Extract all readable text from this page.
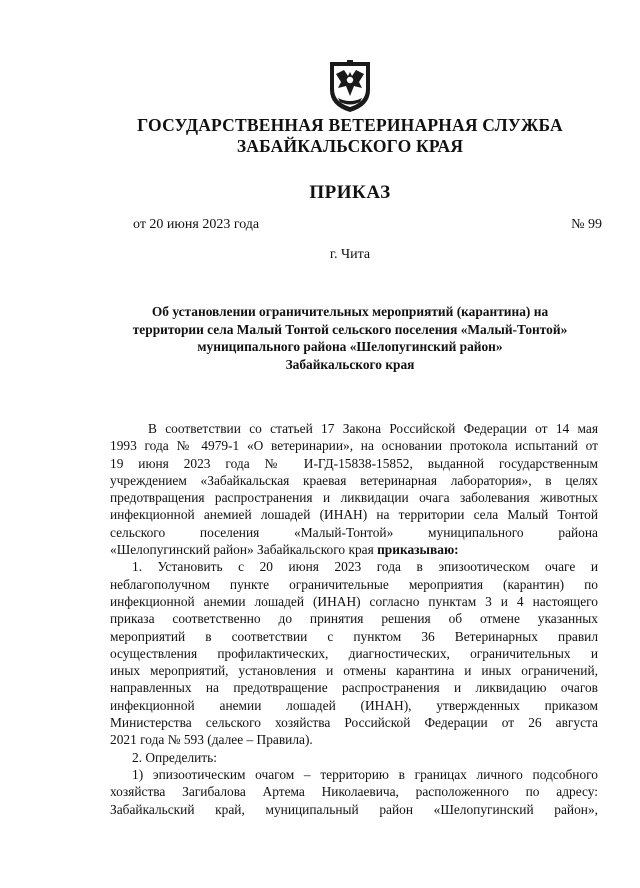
ГОСУДАРСТВЕННАЯ ВЕТЕРИНАРНАЯ СЛУЖБА
ЗАБАЙКАЛЬСКОГО КРАЯ
ПРИКАЗ
от 20 июня 2023 года	№ 99
г. Чита
Об установлении ограничительных мероприятий (карантина) на
территории села Малый Тонтой сельского поселения «Малый-Тонтой»
муниципального района «Шелопугинский район»
Забайкальского края
В соответствии со статьей 17 Закона Российской Федерации от 14 мая
1993 года № 4979-1 «О ветеринарии», на основании протокола испытаний от
19 июня 2023 года № И-ГД-15838-15852, выданной государственным
учреждением «Забайкальская краевая ветеринарная лаборатория», в целях
предотвращения распространения и ликвидации очага заболевания животных
инфекционной анемией лошадей (ИНАН) на территории села Малый Тонтой
сельского поселения «Малый-Тонтой» муниципального района
«Шелопугинский район» Забайкальского края приказываю:
1. Установить с 20 июня 2023 года в эпизоотическом очаге и
неблагополучном пункте ограничительные мероприятия (карантин) по
инфекционной анемии лошадей (ИНАН) согласно пунктам 3 и 4 настоящего
приказа соответственно до принятия решения об отмене указанных
мероприятий в соответствии с пунктом 36 Ветеринарных правил
осуществления профилактических, диагностических, ограничительных и
иных мероприятий, установления и отмены карантина и иных ограничений,
направленных на предотвращение распространения и ликвидацию очагов
инфекционной анемии лошадей (ИНАН), утвержденных приказом
Министерства сельского хозяйства Российской Федерации от 26 августа
2021 года № 593 (далее – Правила).
2. Определить:
1) эпизоотическим очагом – территорию в границах личного подсобного
хозяйства Загибалова Артема Николаевича, расположенного по адресу:
Забайкальский край, муниципальный район «Шелопугинский район»,
